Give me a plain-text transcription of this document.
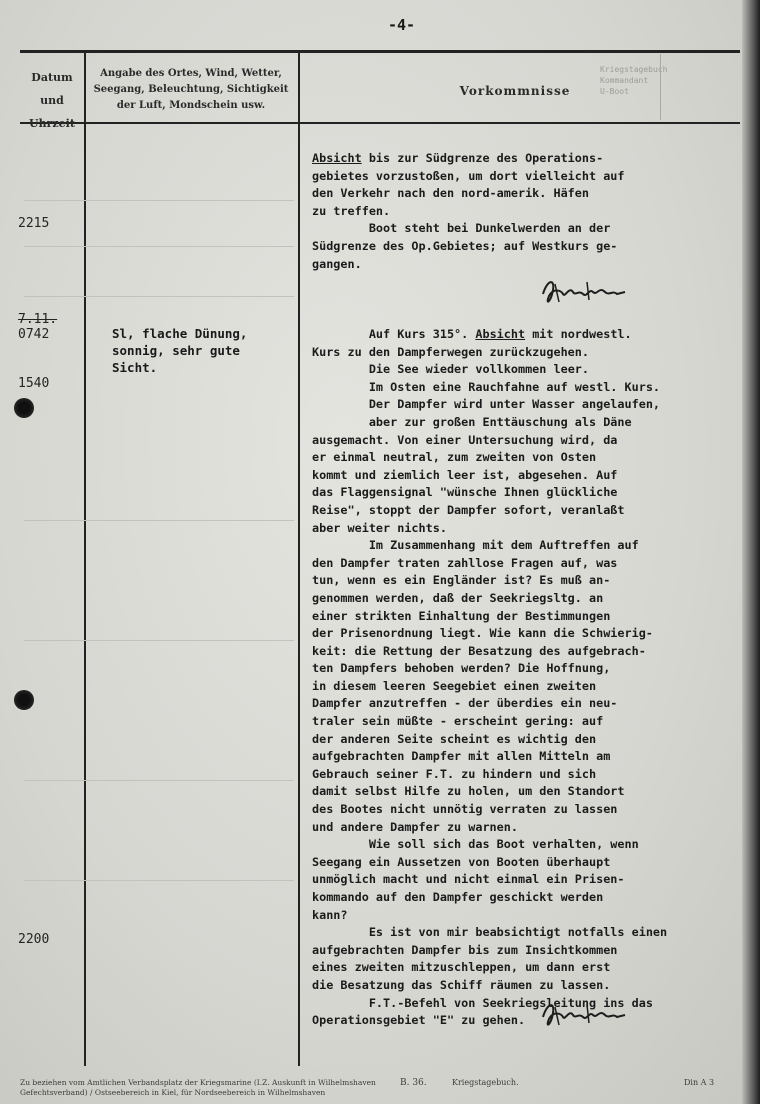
-4-
Datum
und
Uhrzeit
Angabe des Ortes, Wind, Wetter,
Seegang, Beleuchtung, Sichtigkeit
der Luft, Mondschein usw.
Vorkommnisse
Kriegstagebuch
Kommandant
U-Boot
2215
7.11.
0742
1540
2200
Sl, flache Dünung,
sonnig, sehr gute
Sicht.

Absicht bis zur Südgrenze des Operations-

gebietes vorzustoßen, um dort vielleicht auf
den Verkehr nach den nord-amerik. Häfen
zu treffen.
Boot steht bei Dunkelwerden an der
Südgrenze des Op.Gebietes; auf Westkurs ge-
gangen.

Auf Kurs 315°. Absicht mit nordwestl.

Kurs zu den Dampferwegen zurückzugehen.
Die See wieder vollkommen leer.
Im Osten eine Rauchfahne auf westl. Kurs.
Der Dampfer wird unter Wasser angelaufen,
aber zur großen Enttäuschung als Däne
ausgemacht. Von einer Untersuchung wird, da
er einmal neutral, zum zweiten von Osten
kommt und ziemlich leer ist, abgesehen. Auf
das Flaggensignal "wünsche Ihnen glückliche
Reise", stoppt der Dampfer sofort, veranlaßt
aber weiter nichts.
Im Zusammenhang mit dem Auftreffen auf
den Dampfer traten zahllose Fragen auf, was
tun, wenn es ein Engländer ist? Es muß an-
genommen werden, daß der Seekriegsltg. an
einer strikten Einhaltung der Bestimmungen
der Prisenordnung liegt. Wie kann die Schwierig-
keit: die Rettung der Besatzung des aufgebrach-
ten Dampfers behoben werden? Die Hoffnung,
in diesem leeren Seegebiet einen zweiten
Dampfer anzutreffen - der überdies ein neu-
traler sein müßte - erscheint gering: auf
der anderen Seite scheint es wichtig den
aufgebrachten Dampfer mit allen Mitteln am
Gebrauch seiner F.T. zu hindern und sich
damit selbst Hilfe zu holen, um den Standort
des Bootes nicht unnötig verraten zu lassen
und andere Dampfer zu warnen.
Wie soll sich das Boot verhalten, wenn
Seegang ein Aussetzen von Booten überhaupt
unmöglich macht und nicht einmal ein Prisen-
kommando auf den Dampfer geschickt werden
kann?
Es ist von mir beabsichtigt notfalls einen
aufgebrachten Dampfer bis zum Insichtkommen
eines zweiten mitzuschleppen, um dann erst
die Besatzung das Schiff räumen zu lassen.
F.T.-Befehl von Seekriegsleitung ins das
Operationsgebiet "E" zu gehen.

Zu beziehen vom Amtlichen Verbandsplatz der Kriegsmarine (I.Z. Auskunft in Wilhelmshaven Gefechtsverband) / Ostseebereich in Kiel, für Nordseebereich in Wilhelmshaven
B. 36.	Kriegstagebuch.	Din A 3
